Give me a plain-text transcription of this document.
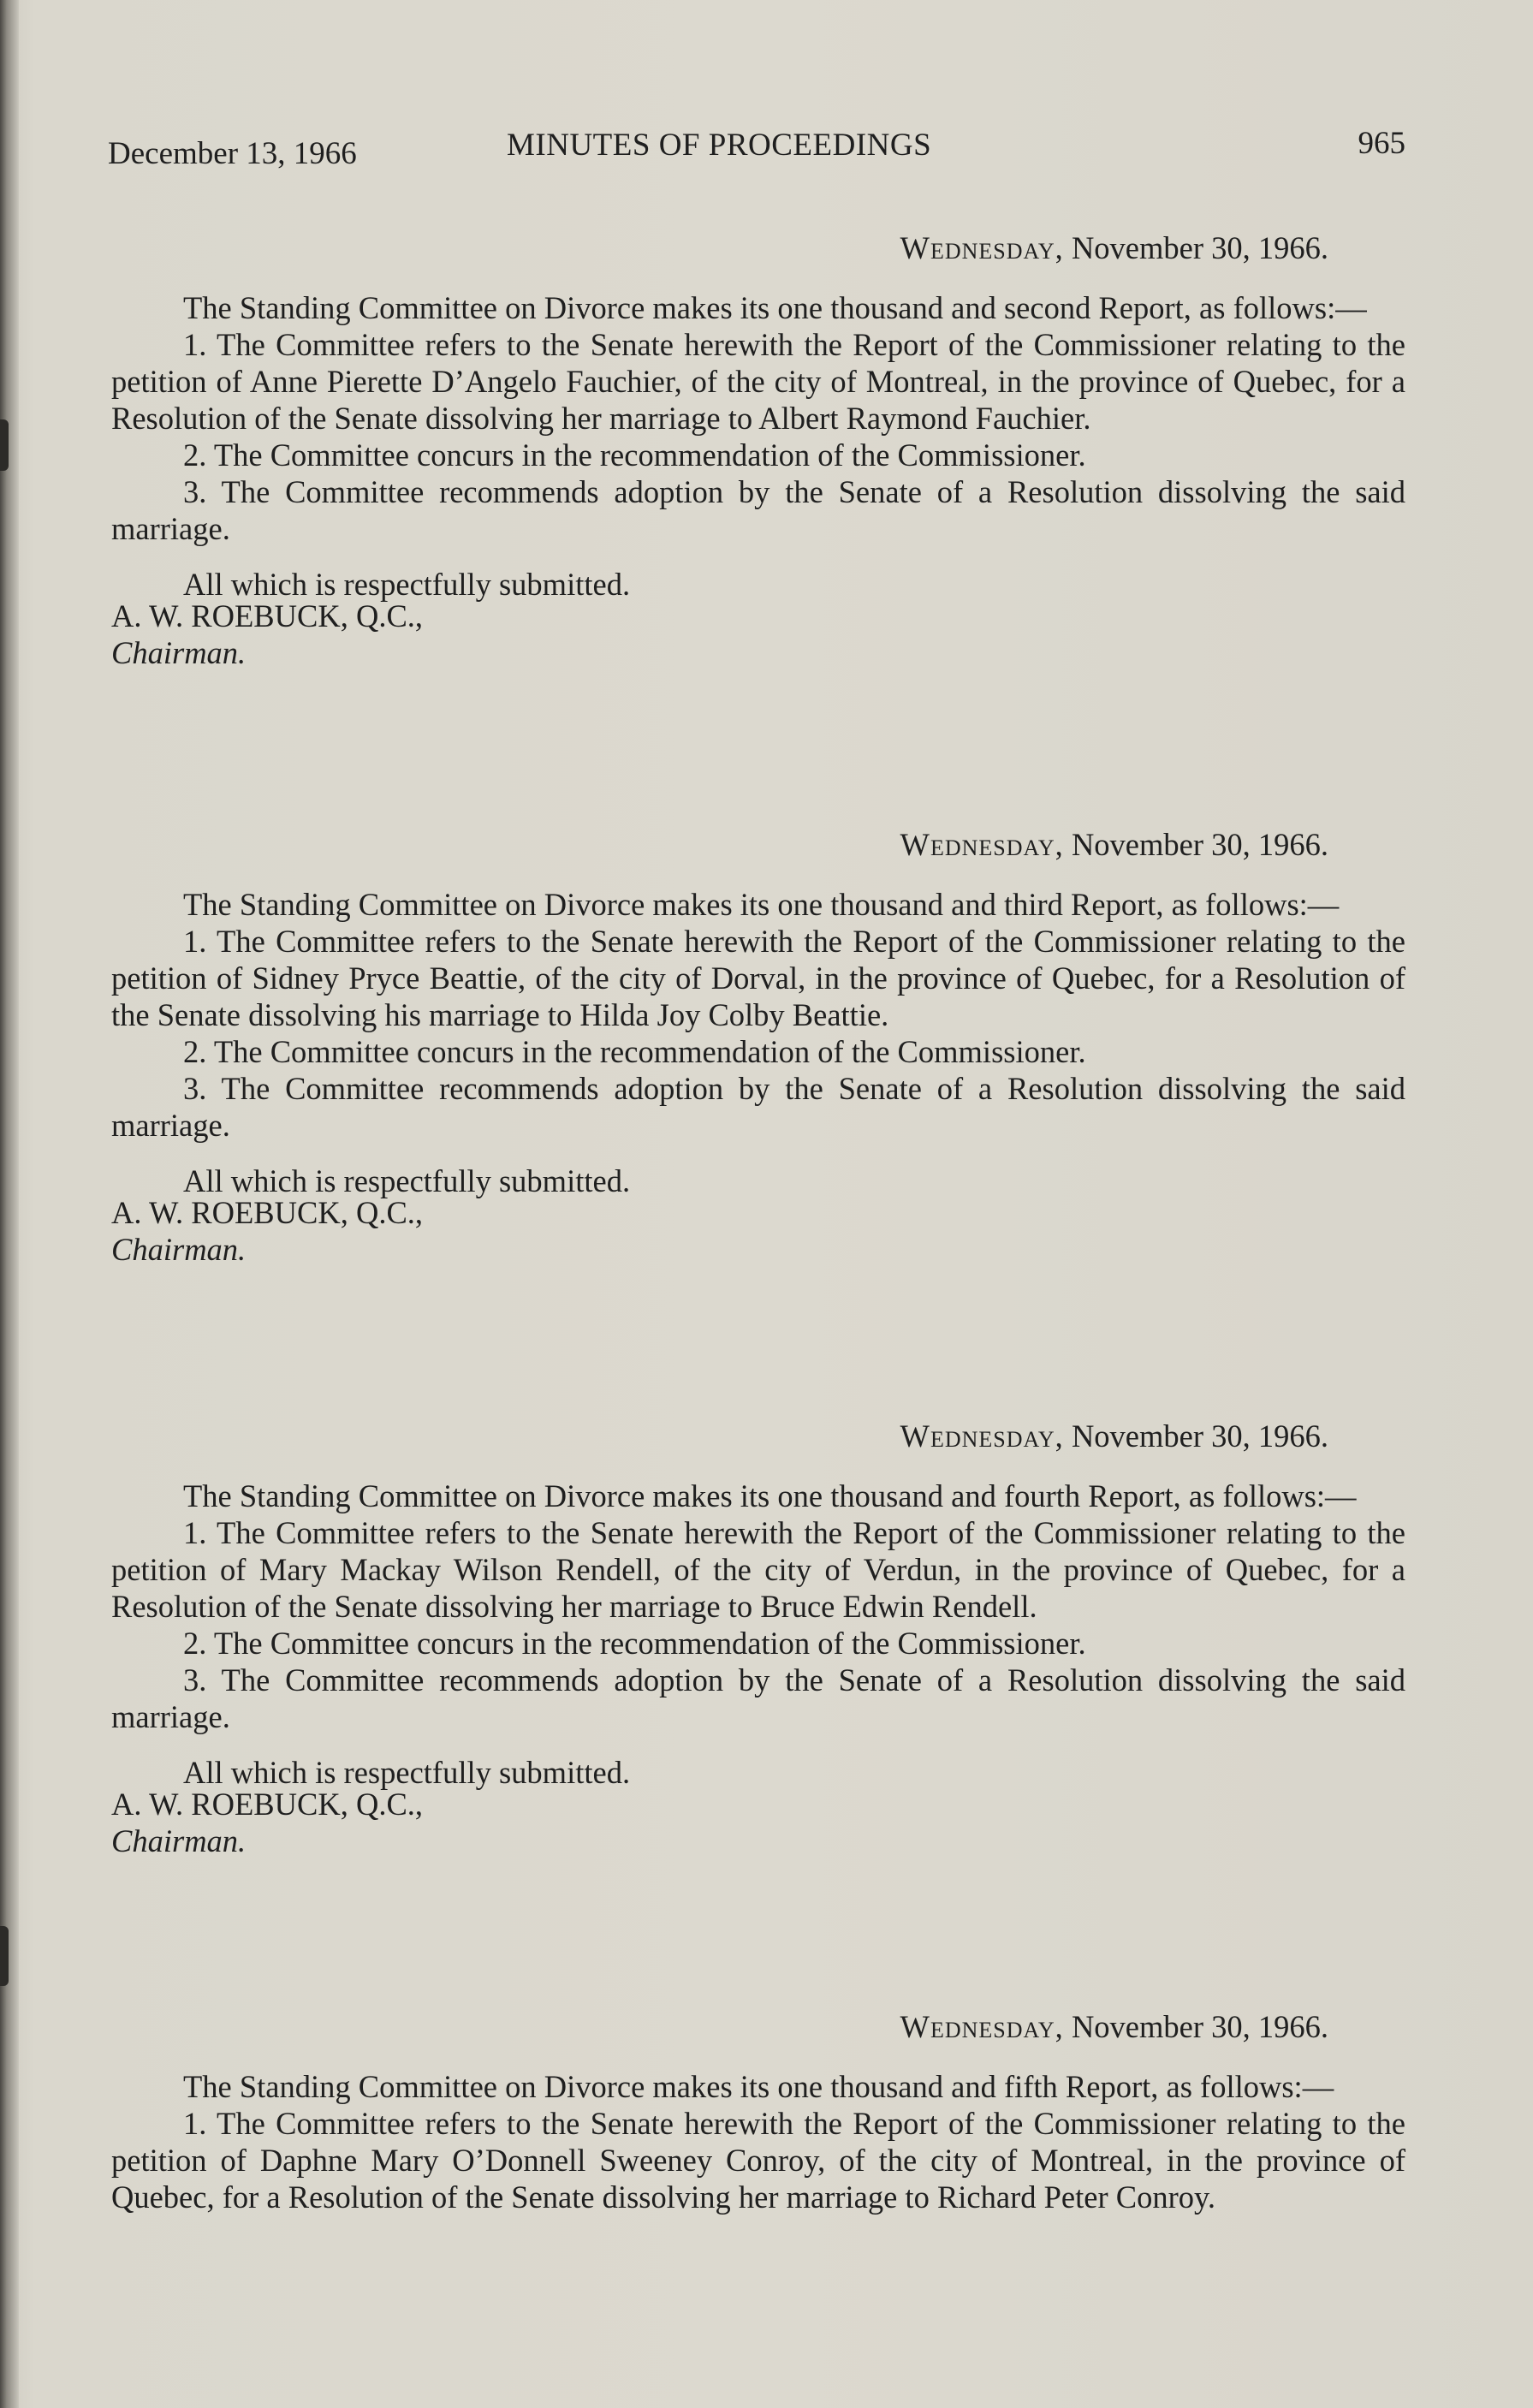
December 13, 1966	MINUTES OF PROCEEDINGS	965
Wednesday, November 30, 1966.

The Standing Committee on Divorce makes its one thousand and second Report, as follows:—

1. The Committee refers to the Senate herewith the Report of the Commissioner relating to the petition of Anne Pierette D’Angelo Fauchier, of the city of Montreal, in the province of Quebec, for a Resolution of the Senate dissolving her marriage to Albert Raymond Fauchier.

2. The Committee concurs in the recommendation of the Commissioner.

3. The Committee recommends adoption by the Senate of a Resolution dissolving the said marriage.

All which is respectfully submitted.

A. W. ROEBUCK, Q.C.,

Chairman.

Wednesday, November 30, 1966.

The Standing Committee on Divorce makes its one thousand and third Report, as follows:—

1. The Committee refers to the Senate herewith the Report of the Commissioner relating to the petition of Sidney Pryce Beattie, of the city of Dorval, in the province of Quebec, for a Resolution of the Senate dissolving his marriage to Hilda Joy Colby Beattie.

2. The Committee concurs in the recommendation of the Commissioner.

3. The Committee recommends adoption by the Senate of a Resolution dissolving the said marriage.

All which is respectfully submitted.

A. W. ROEBUCK, Q.C.,

Chairman.

Wednesday, November 30, 1966.

The Standing Committee on Divorce makes its one thousand and fourth Report, as follows:—

1. The Committee refers to the Senate herewith the Report of the Commissioner relating to the petition of Mary Mackay Wilson Rendell, of the city of Verdun, in the province of Quebec, for a Resolution of the Senate dissolving her marriage to Bruce Edwin Rendell.

2. The Committee concurs in the recommendation of the Commissioner.

3. The Committee recommends adoption by the Senate of a Resolution dissolving the said marriage.

All which is respectfully submitted.

A. W. ROEBUCK, Q.C.,

Chairman.

Wednesday, November 30, 1966.

The Standing Committee on Divorce makes its one thousand and fifth Report, as follows:—

1. The Committee refers to the Senate herewith the Report of the Commissioner relating to the petition of Daphne Mary O’Donnell Sweeney Conroy, of the city of Montreal, in the province of Quebec, for a Resolution of the Senate dissolving her marriage to Richard Peter Conroy.
